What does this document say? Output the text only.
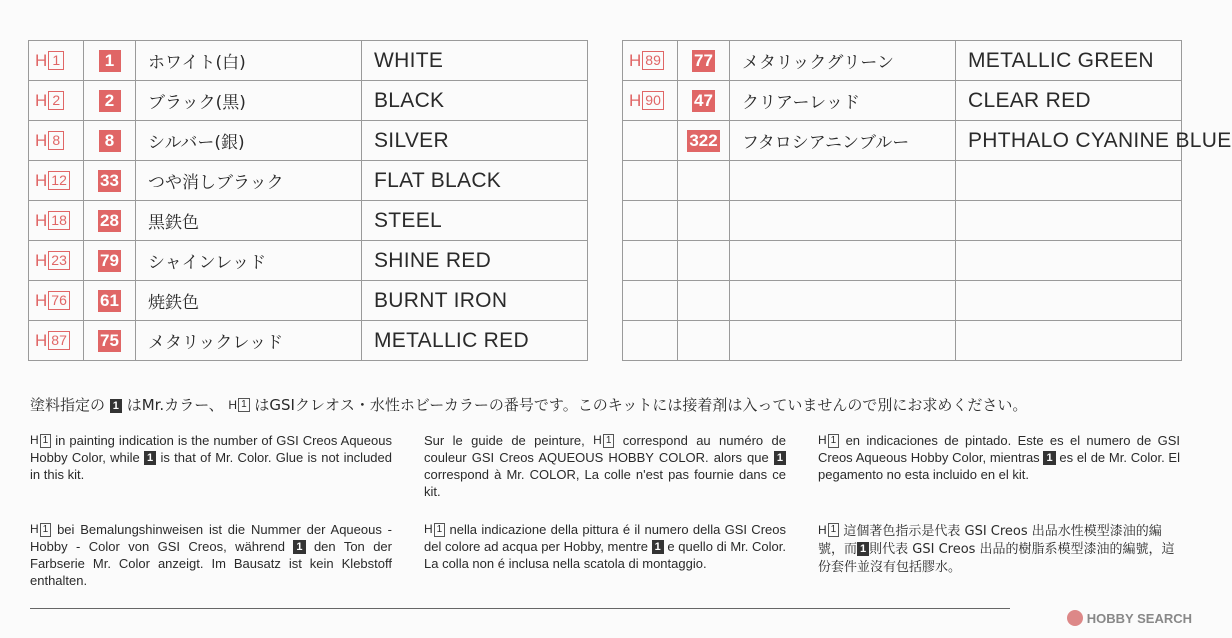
H 1	1	ホワイト(白)	WHITE

H 2	2	ブラック(黒)	BLACK

H 8	8	シルバー(銀)	SILVER

H 12	33	つや消しブラック	FLAT BLACK

H 18	28	黒鉄色	STEEL

H 23	79	シャインレッド	SHINE RED

H 76	61	焼鉄色	BURNT IRON

H 87	75	メタリックレッド	METALLIC RED
H 89	77	メタリックグリーン	METALLIC GREEN

H 90	47	クリアーレッド	CLEAR RED
	322	フタロシアニンブルー	PHTHALO CYANINE BLUE

塗料指定の 1 はMr.カラー、 H 1 はGSIクレオス・水性ホビーカラーの番号です。このキットには接着剤は入っていませんので別にお求めください。
H 1 in painting indication is the number of GSI Creos Aqueous Hobby Color, while 1 is that of Mr. Color. Glue is not included in this kit.
Sur le guide de peinture, H 1 correspond au numéro de couleur GSI Creos AQUEOUS HOBBY COLOR. alors que 1 correspond à Mr. COLOR, La colle n'est pas fournie dans ce kit.
H 1 en indicaciones de pintado. Este es el numero de GSI Creos Aqueous Hobby Color, mientras 1 es el de Mr. Color. El pegamento no esta incluido en el kit.
H 1 bei Bemalungshinweisen ist die Nummer der Aqueous - Hobby - Color von GSI Creos, während 1 den Ton der Farbserie Mr. Color anzeigt. Im Bausatz ist kein Klebstoff enthalten.
H 1 nella indicazione della pittura é il numero della GSI Creos del colore ad acqua per Hobby, mentre 1 e quello di Mr. Color. La colla non é inclusa nella scatola di montaggio.
H 1 這個著色指示是代表 GSI Creos 出品水性模型漆油的編號，而 1 則代表 GSI Creos 出品的樹脂系模型漆油的編號，這份套件並沒有包括膠水。
HOBBY SEARCH
